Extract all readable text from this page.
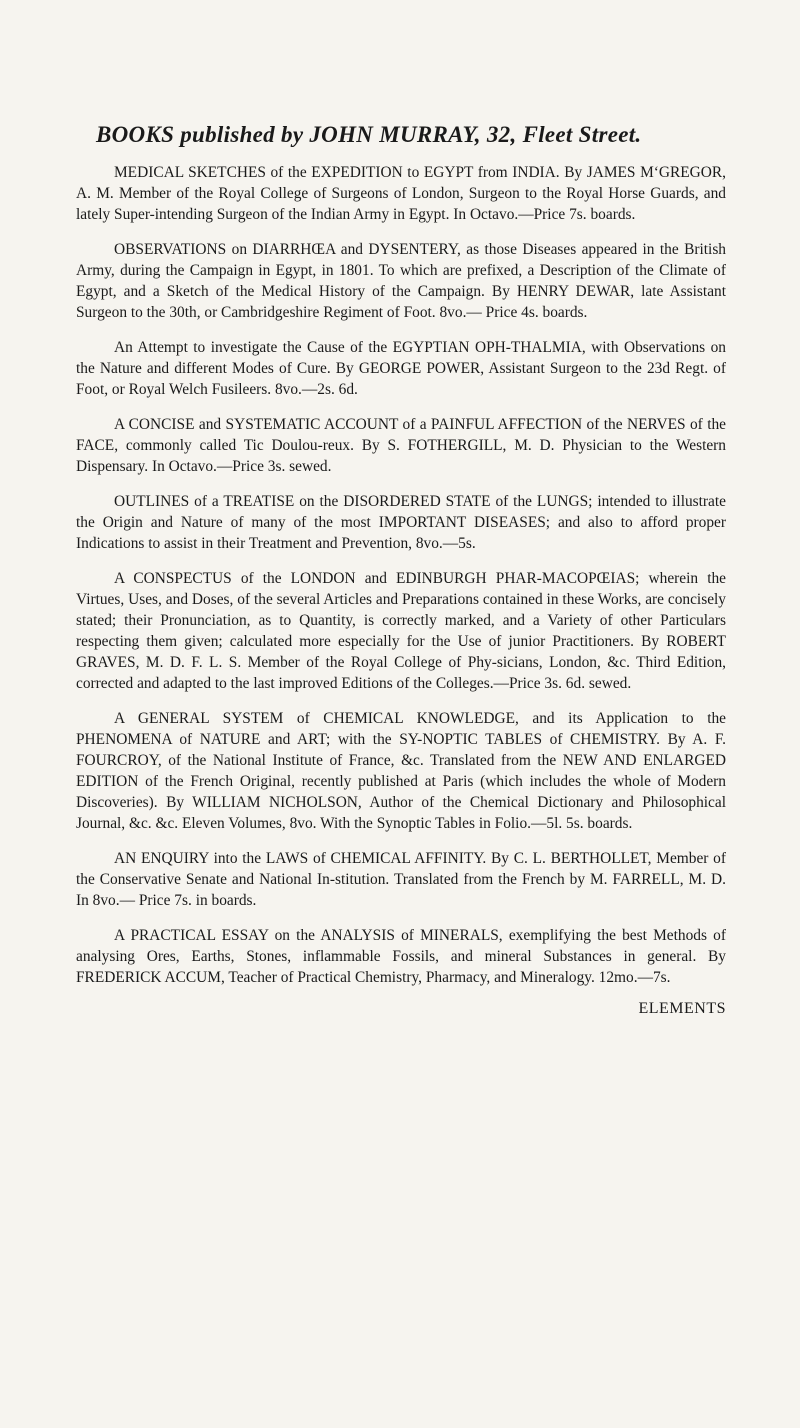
BOOKS published by JOHN MURRAY, 32, Fleet Street.

MEDICAL SKETCHES of the EXPEDITION to EGYPT from INDIA. By JAMES M‘GREGOR, A. M. Member of the Royal College of Surgeons of London, Surgeon to the Royal Horse Guards, and lately Super-intending Surgeon of the Indian Army in Egypt. In Octavo.—Price 7s. boards.

OBSERVATIONS on DIARRHŒA and DYSENTERY, as those Diseases appeared in the British Army, during the Campaign in Egypt, in 1801. To which are prefixed, a Description of the Climate of Egypt, and a Sketch of the Medical History of the Campaign. By HENRY DEWAR, late Assistant Surgeon to the 30th, or Cambridgeshire Regiment of Foot. 8vo.— Price 4s. boards.

An Attempt to investigate the Cause of the EGYPTIAN OPH-THALMIA, with Observations on the Nature and different Modes of Cure. By GEORGE POWER, Assistant Surgeon to the 23d Regt. of Foot, or Royal Welch Fusileers. 8vo.—2s. 6d.

A CONCISE and SYSTEMATIC ACCOUNT of a PAINFUL AFFECTION of the NERVES of the FACE, commonly called Tic Doulou-reux. By S. FOTHERGILL, M. D. Physician to the Western Dispensary. In Octavo.—Price 3s. sewed.

OUTLINES of a TREATISE on the DISORDERED STATE of the LUNGS; intended to illustrate the Origin and Nature of many of the most IMPORTANT DISEASES; and also to afford proper Indications to assist in their Treatment and Prevention, 8vo.—5s.

A CONSPECTUS of the LONDON and EDINBURGH PHAR-MACOPŒIAS; wherein the Virtues, Uses, and Doses, of the several Articles and Preparations contained in these Works, are concisely stated; their Pronunciation, as to Quantity, is correctly marked, and a Variety of other Particulars respecting them given; calculated more especially for the Use of junior Practitioners. By ROBERT GRAVES, M. D. F. L. S. Member of the Royal College of Phy-sicians, London, &c. Third Edition, corrected and adapted to the last improved Editions of the Colleges.—Price 3s. 6d. sewed.

A GENERAL SYSTEM of CHEMICAL KNOWLEDGE, and its Application to the PHENOMENA of NATURE and ART; with the SY-NOPTIC TABLES of CHEMISTRY. By A. F. FOURCROY, of the National Institute of France, &c. Translated from the NEW AND ENLARGED EDITION of the French Original, recently published at Paris (which includes the whole of Modern Discoveries). By WILLIAM NICHOLSON, Author of the Chemical Dictionary and Philosophical Journal, &c. &c. Eleven Volumes, 8vo. With the Synoptic Tables in Folio.—5l. 5s. boards.

AN ENQUIRY into the LAWS of CHEMICAL AFFINITY. By C. L. BERTHOLLET, Member of the Conservative Senate and National In-stitution. Translated from the French by M. FARRELL, M. D. In 8vo.— Price 7s. in boards.

A PRACTICAL ESSAY on the ANALYSIS of MINERALS, exemplifying the best Methods of analysing Ores, Earths, Stones, inflammable Fossils, and mineral Substances in general. By FREDERICK ACCUM, Teacher of Practical Chemistry, Pharmacy, and Mineralogy. 12mo.—7s.

ELEMENTS
